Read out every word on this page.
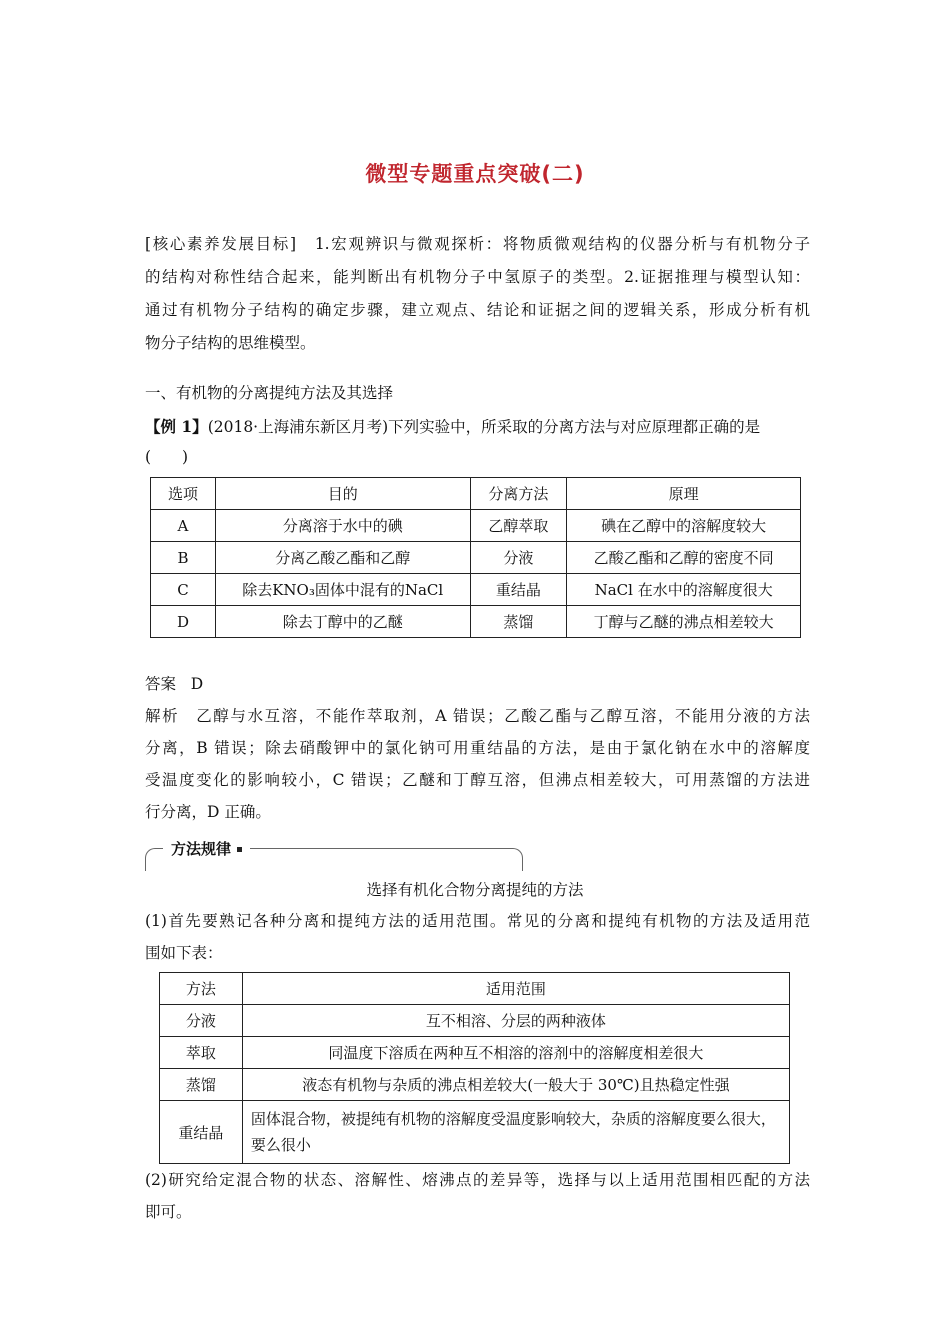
微型专题重点突破(二)
[核心素养发展目标]　1.宏观辨识与微观探析：将物质微观结构的仪器分析与有机物分子
的结构对称性结合起来，能判断出有机物分子中氢原子的类型。2.证据推理与模型认知：
通过有机物分子结构的确定步骤，建立观点、结论和证据之间的逻辑关系，形成分析有机
物分子结构的思维模型。
一、有机物的分离提纯方法及其选择
【例 1】(2018·上海浦东新区月考)下列实验中，所采取的分离方法与对应原理都正确的是
(　　)
选项	目的	分离方法	原理
A	分离溶于水中的碘	乙醇萃取	碘在乙醇中的溶解度较大
B	分离乙酸乙酯和乙醇	分液	乙酸乙酯和乙醇的密度不同
C	除去KNO₃固体中混有的NaCl	重结晶	NaCl 在水中的溶解度很大
D	除去丁醇中的乙醚	蒸馏	丁醇与乙醚的沸点相差较大
答案 D
解析　乙醇与水互溶，不能作萃取剂，A 错误；乙酸乙酯与乙醇互溶，不能用分液的方法
分离，B 错误；除去硝酸钾中的氯化钠可用重结晶的方法，是由于氯化钠在水中的溶解度
受温度变化的影响较小，C 错误；乙醚和丁醇互溶，但沸点相差较大，可用蒸馏的方法进
行分离，D 正确。
方法规律
选择有机化合物分离提纯的方法
(1)首先要熟记各种分离和提纯方法的适用范围。常见的分离和提纯有机物的方法及适用范
围如下表：
方法	适用范围
分液	互不相溶、分层的两种液体
萃取	同温度下溶质在两种互不相溶的溶剂中的溶解度相差很大
蒸馏	液态有机物与杂质的沸点相差较大(一般大于 30℃)且热稳定性强
重结晶	固体混合物，被提纯有机物的溶解度受温度影响较大，杂质的溶解度要么很大，要么很小
(2)研究给定混合物的状态、溶解性、熔沸点的差异等，选择与以上适用范围相匹配的方法
即可。
